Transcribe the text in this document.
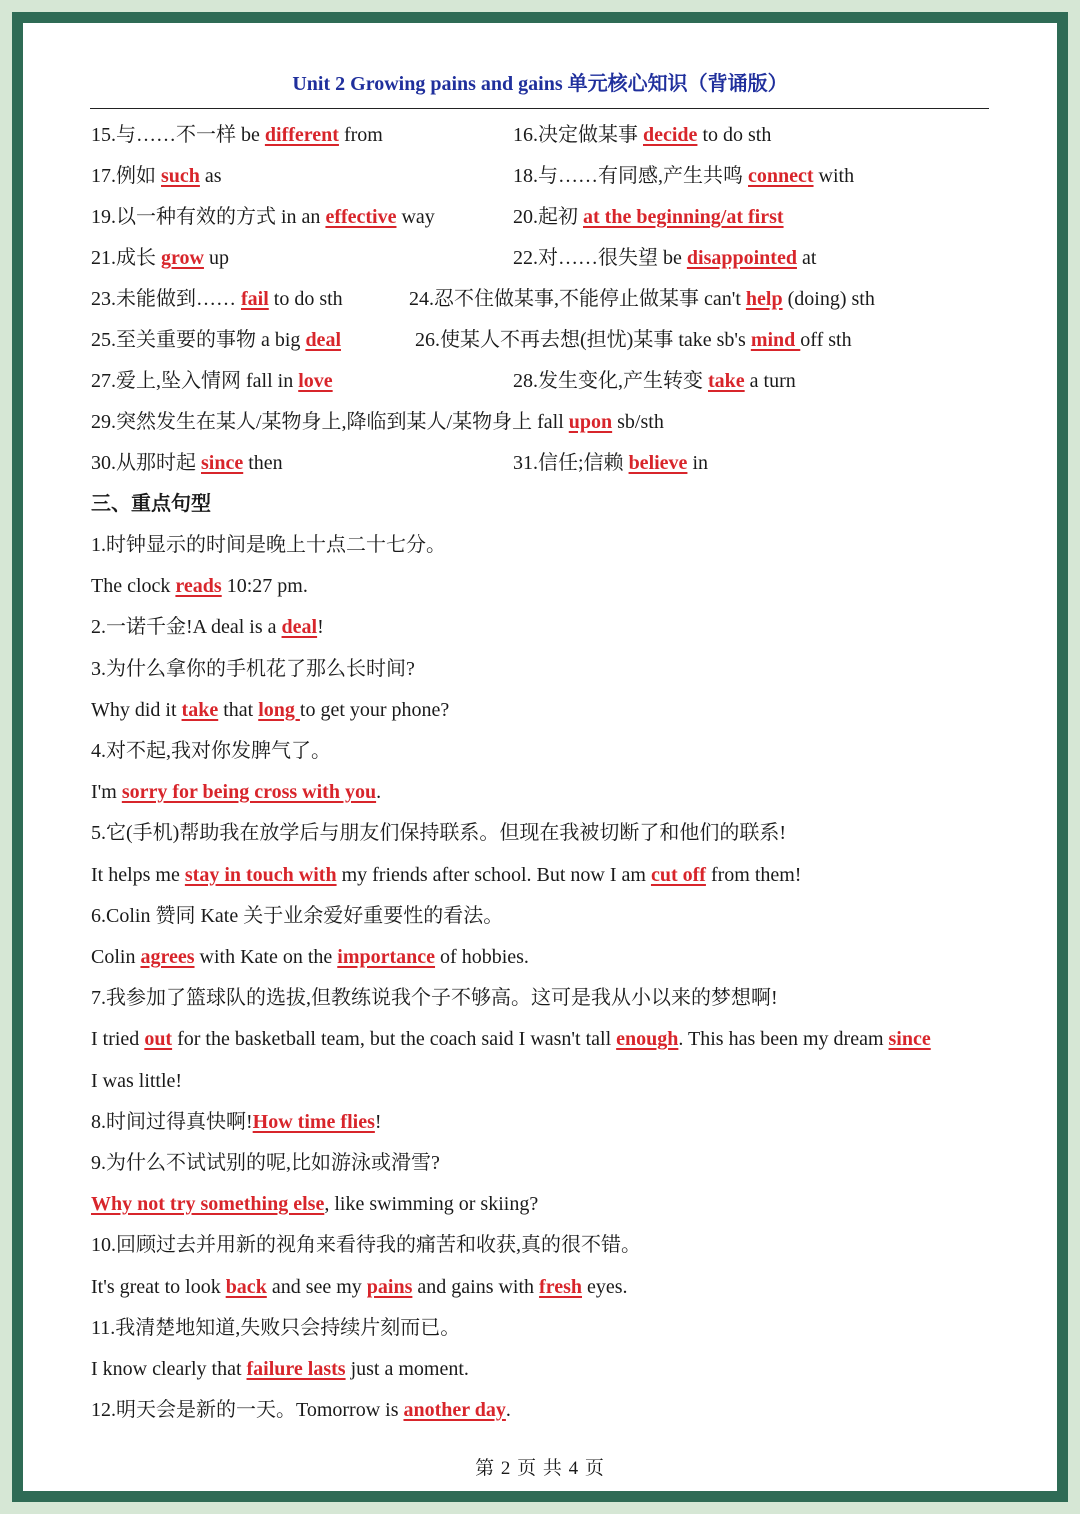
Unit 2 Growing pains and gains 单元核心知识（背诵版）
第 2 页 共 4 页
15.与……不一样 be different from	16.决定做某事 decide to do sth
17.例如 such as	18.与……有同感,产生共鸣 connect with
19.以一种有效的方式 in an effective way	20.起初 at the beginning/at first
21.成长 grow up	22.对……很失望 be disappointed at
23.未能做到…… fail to do sth	24.忍不住做某事,不能停止做某事 can't help (doing) sth
25.至关重要的事物 a big deal	26.使某人不再去想(担忧)某事 take sb's mind off sth
27.爱上,坠入情网 fall in love	28.发生变化,产生转变 take a turn
29.突然发生在某人/某物身上,降临到某人/某物身上 fall upon sb/sth
30.从那时起 since then	31.信任;信赖 believe in
三、重点句型
1.时钟显示的时间是晚上十点二十七分。
The clock reads 10:27 pm.
2.一诺千金!A deal is a deal!
3.为什么拿你的手机花了那么长时间?
Why did it take that long to get your phone?
4.对不起,我对你发脾气了。
I'm sorry for being cross with you.
5.它(手机)帮助我在放学后与朋友们保持联系。但现在我被切断了和他们的联系!
It helps me stay in touch with my friends after school. But now I am cut off from them!
6.Colin 赞同 Kate 关于业余爱好重要性的看法。
Colin agrees with Kate on the importance of hobbies.
7.我参加了篮球队的选拔,但教练说我个子不够高。这可是我从小以来的梦想啊!
I tried out for the basketball team, but the coach said I wasn't tall enough. This has been my dream since
I was little!
8.时间过得真快啊!How time flies!
9.为什么不试试别的呢,比如游泳或滑雪?
Why not try something else, like swimming or skiing?
10.回顾过去并用新的视角来看待我的痛苦和收获,真的很不错。
It's great to look back and see my pains and gains with fresh eyes.
11.我清楚地知道,失败只会持续片刻而已。
I know clearly that failure lasts just a moment.
12.明天会是新的一天。Tomorrow is another day.
